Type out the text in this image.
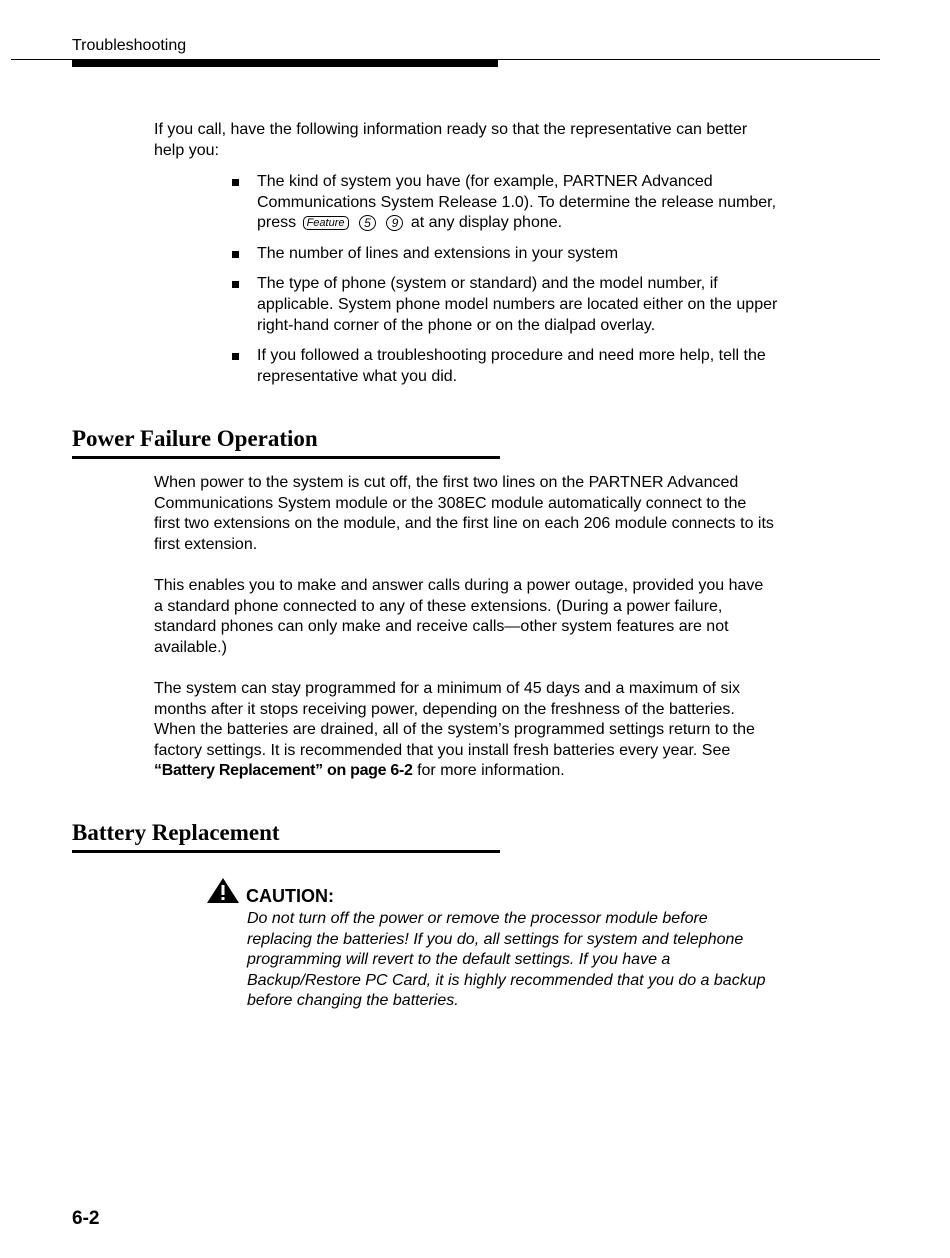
Troubleshooting

If you call, have the following information ready so that the representative can better help you:

The kind of system you have (for example, PARTNER Advanced Communications System Release 1.0). To determine the release number, press Feature 5 9 at any display phone.
The number of lines and extensions in your system
The type of phone (system or standard) and the model number, if applicable. System phone model numbers are located either on the upper right-hand corner of the phone or on the dialpad overlay.
If you followed a troubleshooting procedure and need more help, tell the representative what you did.
Power Failure Operation

When power to the system is cut off, the first two lines on the PARTNER Advanced Communications System module or the 308EC module automatically connect to the first two extensions on the module, and the first line on each 206 module connects to its first extension.

This enables you to make and answer calls during a power outage, provided you have a standard phone connected to any of these extensions. (During a power failure, standard phones can only make and receive calls—other system features are not available.)

The system can stay programmed for a minimum of 45 days and a maximum of six months after it stops receiving power, depending on the freshness of the batteries. When the batteries are drained, all of the system’s programmed settings return to the factory settings. It is recommended that you install fresh batteries every year. See “Battery Replacement” on page 6-2 for more information.

Battery Replacement
CAUTION:

Do not turn off the power or remove the processor module before replacing the batteries! If you do, all settings for system and telephone programming will revert to the default settings. If you have a Backup/Restore PC Card, it is highly recommended that you do a backup before changing the batteries.

6-2
